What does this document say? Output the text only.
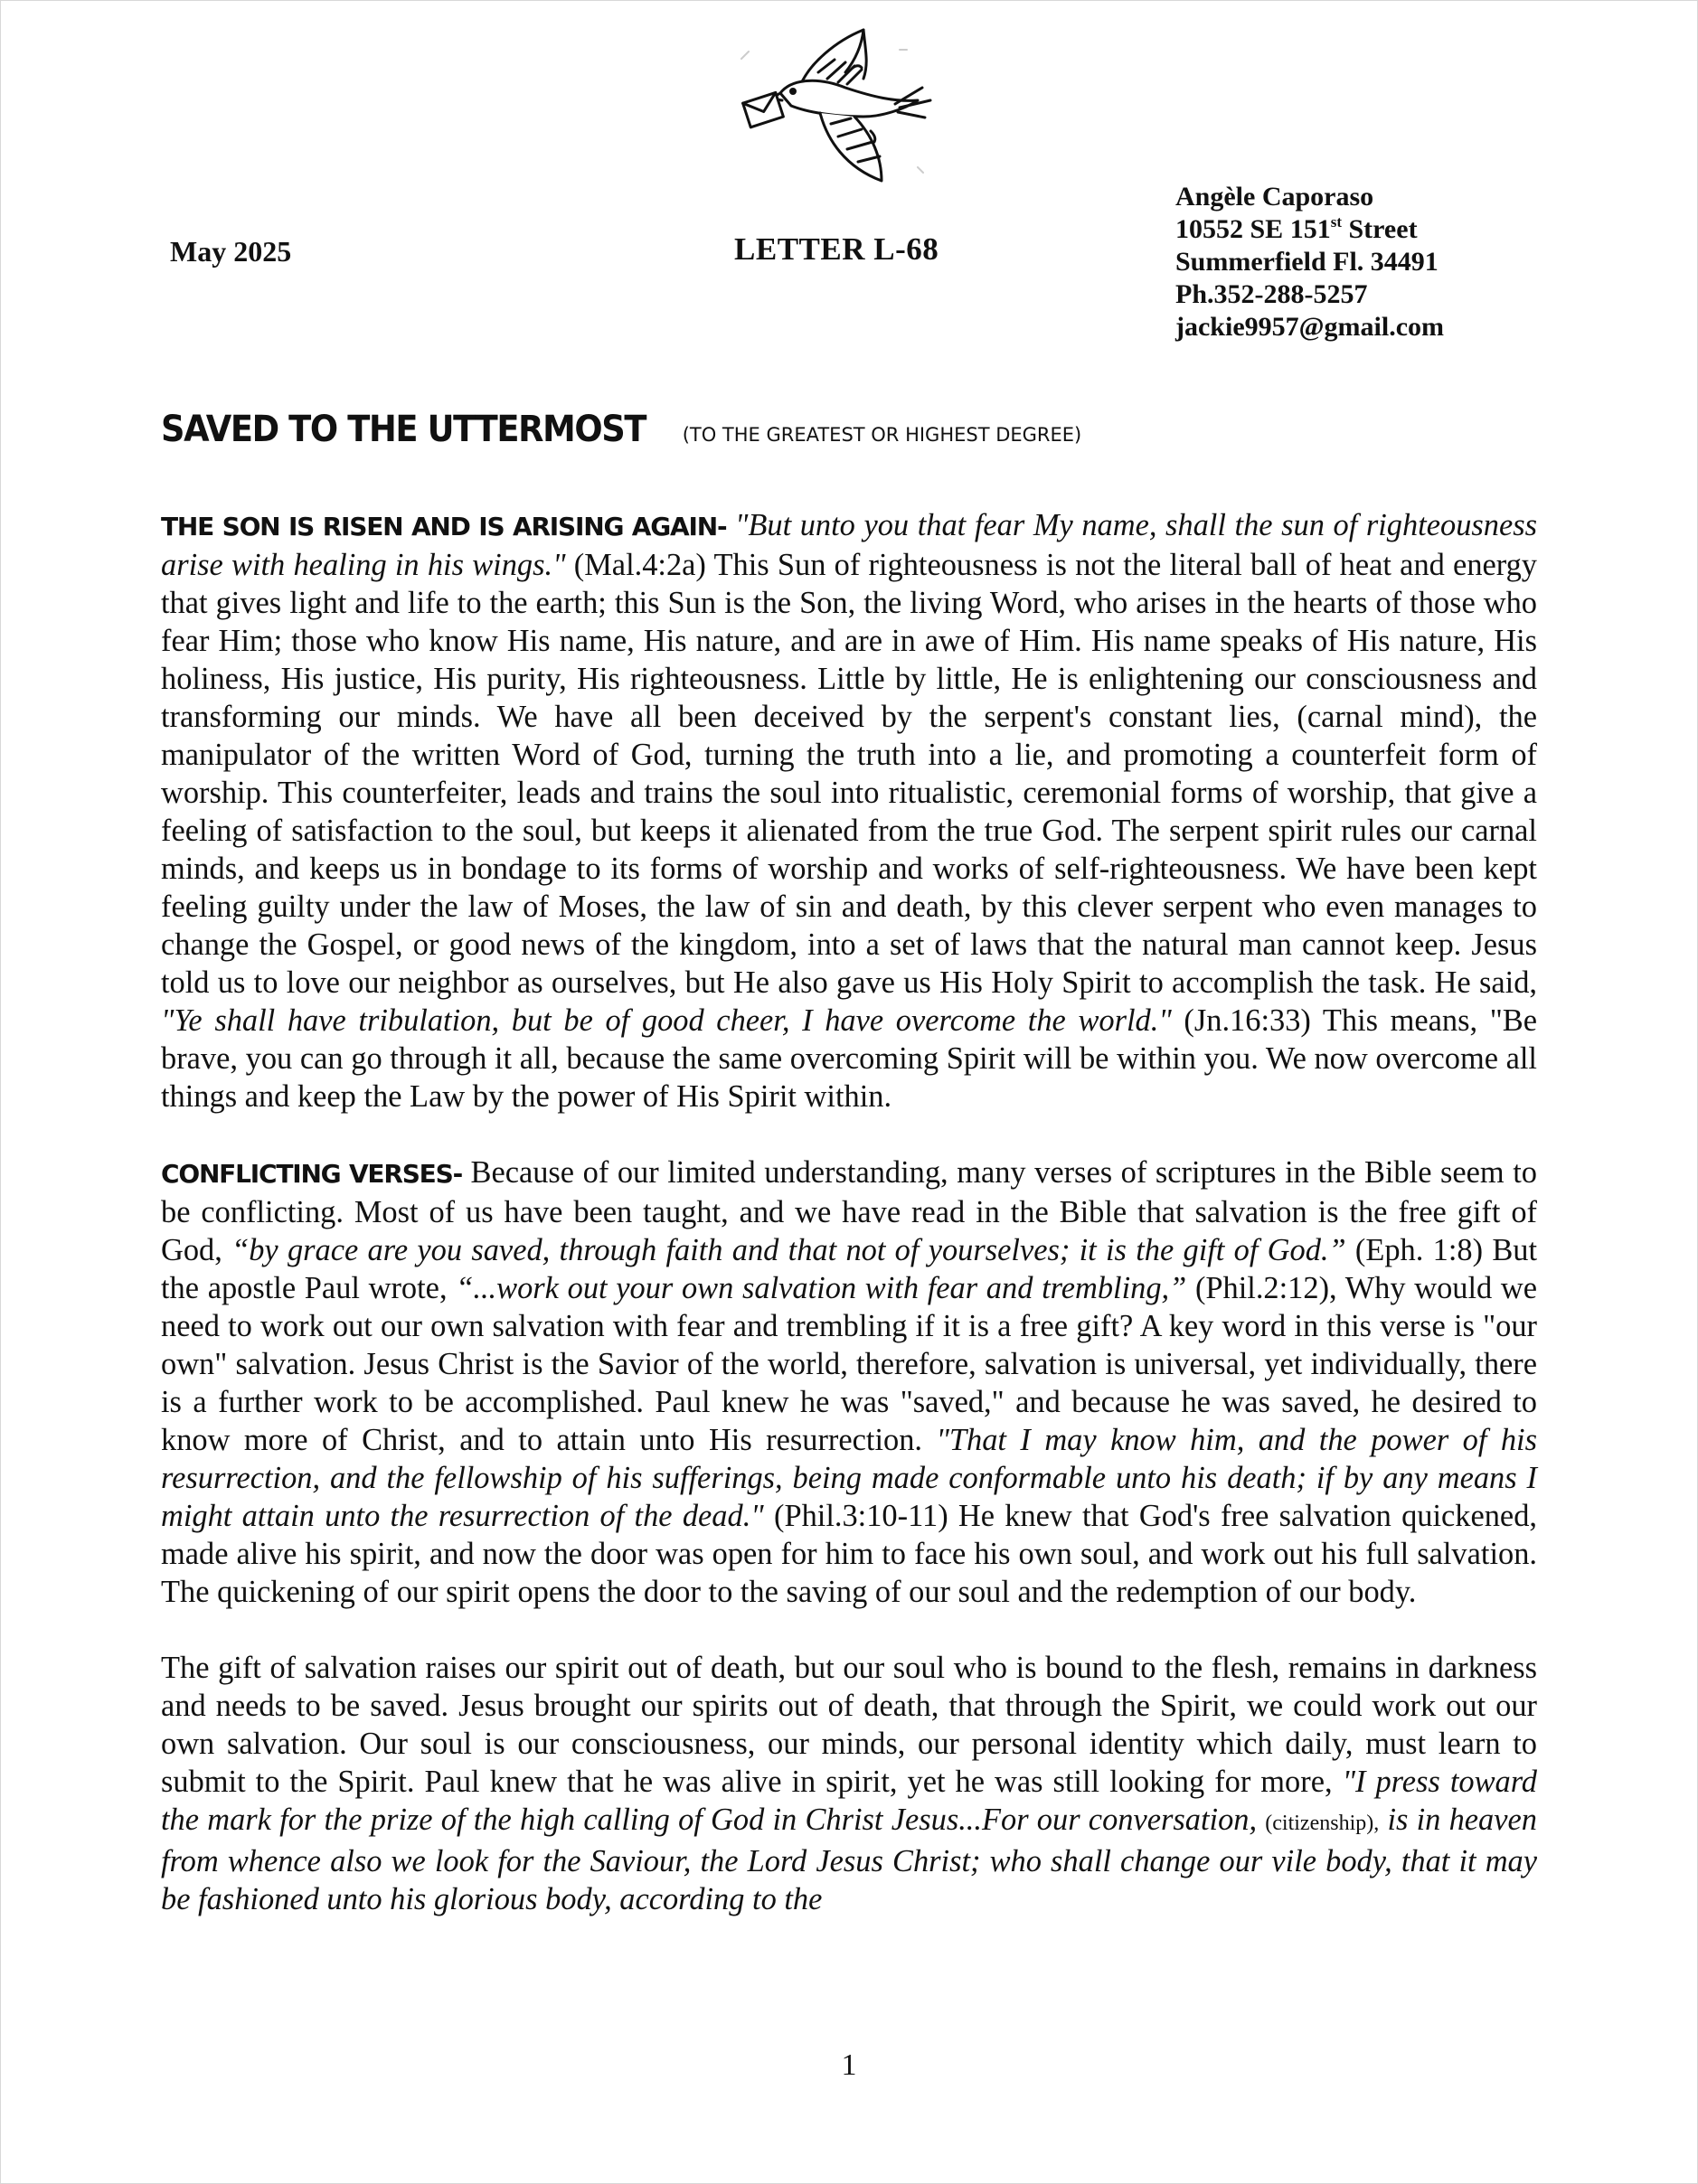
May 2025	LETTER L-68
Angèle Caporaso
10552 SE 151st Street
Summerfield Fl. 34491
Ph.352-288-5257
jackie9957@gmail.com
SAVED TO THE UTTERMOST (TO THE GREATEST OR HIGHEST DEGREE)

THE SON IS RISEN AND IS ARISING AGAIN- "But unto you that fear My name, shall the sun of righteousness arise with healing in his wings." (Mal.4:2a) This Sun of righteousness is not the literal ball of heat and energy that gives light and life to the earth; this Sun is the Son, the living Word, who arises in the hearts of those who fear Him; those who know His name, His nature, and are in awe of Him. His name speaks of His nature, His holiness, His justice, His purity, His righteousness. Little by little, He is enlightening our consciousness and transforming our minds. We have all been deceived by the serpent's constant lies, (carnal mind), the manipulator of the written Word of God, turning the truth into a lie, and promoting a counterfeit form of worship. This counterfeiter, leads and trains the soul into ritualistic, ceremonial forms of worship, that give a feeling of satisfaction to the soul, but keeps it alienated from the true God. The serpent spirit rules our carnal minds, and keeps us in bondage to its forms of worship and works of self-righteousness. We have been kept feeling guilty under the law of Moses, the law of sin and death, by this clever serpent who even manages to change the Gospel, or good news of the kingdom, into a set of laws that the natural man cannot keep. Jesus told us to love our neighbor as ourselves, but He also gave us His Holy Spirit to accomplish the task. He said, "Ye shall have tribulation, but be of good cheer, I have overcome the world." (Jn.16:33) This means, "Be brave, you can go through it all, because the same overcoming Spirit will be within you. We now overcome all things and keep the Law by the power of His Spirit within.

CONFLICTING VERSES- Because of our limited understanding, many verses of scriptures in the Bible seem to be conflicting. Most of us have been taught, and we have read in the Bible that salvation is the free gift of God, “by grace are you saved, through faith and that not of yourselves; it is the gift of God.” (Eph. 1:8) But the apostle Paul wrote, “...work out your own salvation with fear and trembling,” (Phil.2:12), Why would we need to work out our own salvation with fear and trembling if it is a free gift? A key word in this verse is "our own" salvation. Jesus Christ is the Savior of the world, therefore, salvation is universal, yet individually, there is a further work to be accomplished. Paul knew he was "saved," and because he was saved, he desired to know more of Christ, and to attain unto His resurrection. "That I may know him, and the power of his resurrection, and the fellowship of his sufferings, being made conformable unto his death; if by any means I might attain unto the resurrection of the dead." (Phil.3:10-11) He knew that God's free salvation quickened, made alive his spirit, and now the door was open for him to face his own soul, and work out his full salvation. The quickening of our spirit opens the door to the saving of our soul and the redemption of our body.

The gift of salvation raises our spirit out of death, but our soul who is bound to the flesh, remains in darkness and needs to be saved. Jesus brought our spirits out of death, that through the Spirit, we could work out our own salvation. Our soul is our consciousness, our minds, our personal identity which daily, must learn to submit to the Spirit. Paul knew that he was alive in spirit, yet he was still looking for more, "I press toward the mark for the prize of the high calling of God in Christ Jesus...For our conversation, (citizenship), is in heaven from whence also we look for the Saviour, the Lord Jesus Christ; who shall change our vile body, that it may be fashioned unto his glorious body, according to the

1
